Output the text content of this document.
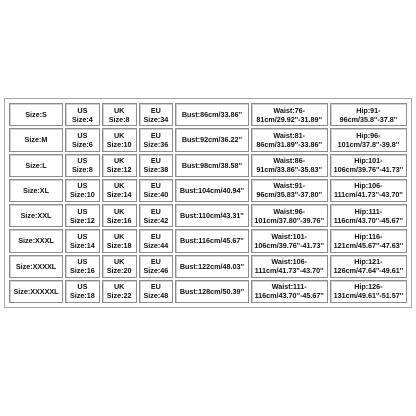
Size:S	US Size:4	UK Size:8	EU Size:34	Bust:86cm/33.86''	Waist:76-81cm/29.92''-31.89''	Hip:91-96cm/35.8''-37.8''
Size:M	US Size:6	UK Size:10	EU Size:36	Bust:92cm/36.22''	Waist:81-86cm/31.89''-33.86''	Hip:96-101cm/37.8''-39.8''
Size:L	US Size:8	UK Size:12	EU Size:38	Bust:98cm/38.58''	Waist:86-91cm/33.86''-35.83''	Hip:101-106cm/39.76''-41.73''
Size:XL	US Size:10	UK Size:14	EU Size:40	Bust:104cm/40.94''	Waist:91-96cm/35.83''-37.80''	Hip:106-111cm/41.73''-43.70''
Size:XXL	US Size:12	UK Size:16	EU Size:42	Bust:110cm/43.31''	Waist:96-101cm/37.80''-39.76''	Hip:111-116cm/43.70''-45.67''
Size:XXXL	US Size:14	UK Size:18	EU Size:44	Bust:116cm/45.67''	Waist:101-106cm/39.76''-41.73''	Hip:116-121cm/45.67''-47.63''
Size:XXXXL	US Size:16	UK Size:20	EU Size:46	Bust:122cm/48.03''	Waist:106-111cm/41.73''-43.70''	Hip:121-126cm/47.64''-49.61''
Size:XXXXXL	US Size:18	UK Size:22	EU Size:48	Bust:128cm/50.39''	Waist:111-116cm/43.70''-45.67''	Hip:126-131cm/49.61''-51.57''
